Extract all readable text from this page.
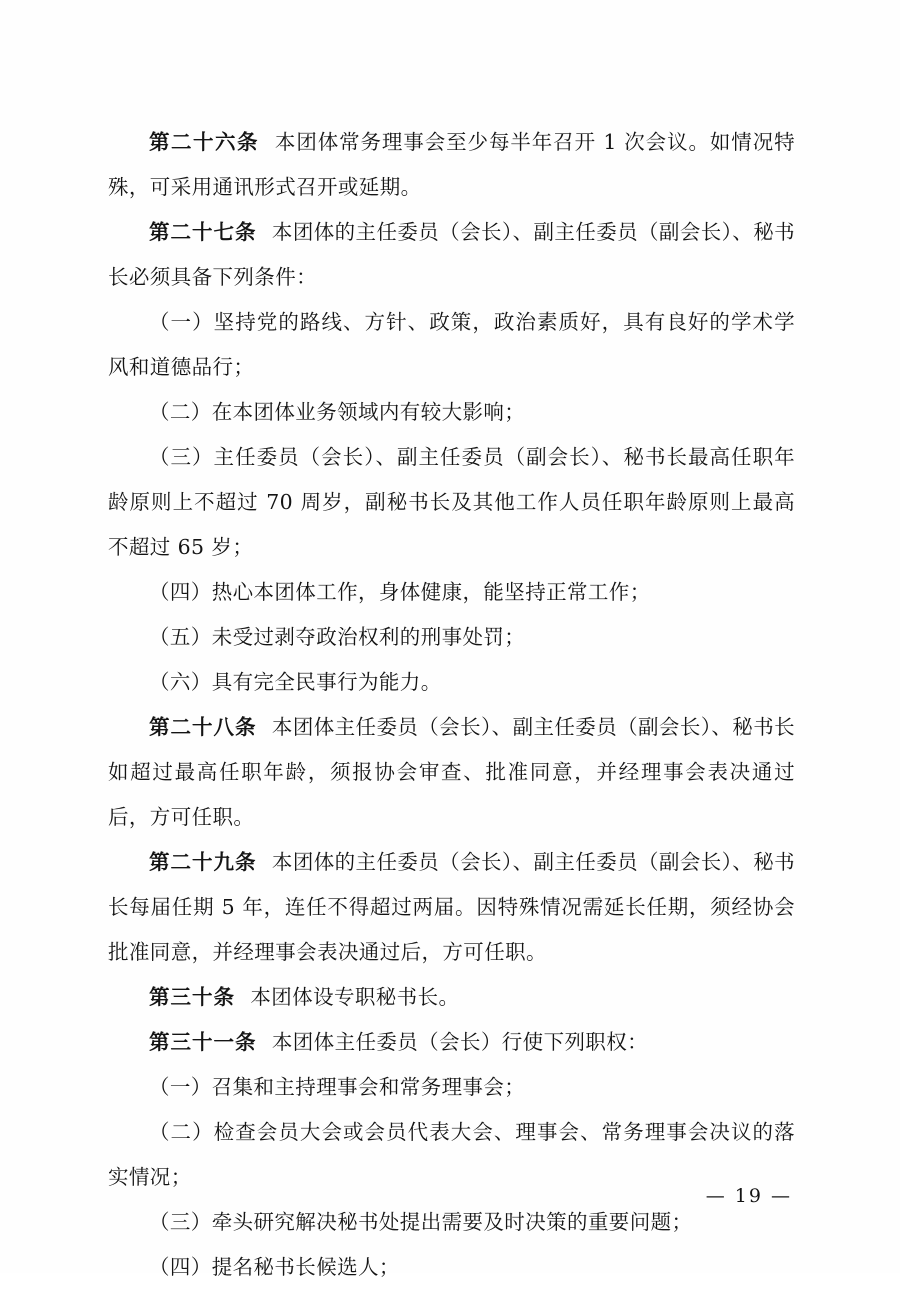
第二十六条 本团体常务理事会至少每半年召开 1 次会议。如情况特殊，可采用通讯形式召开或延期。

第二十七条 本团体的主任委员（会长）、副主任委员（副会长）、秘书长必须具备下列条件：

（一）坚持党的路线、方针、政策，政治素质好，具有良好的学术学风和道德品行；

（二）在本团体业务领域内有较大影响；

（三）主任委员（会长）、副主任委员（副会长）、秘书长最高任职年龄原则上不超过 70 周岁，副秘书长及其他工作人员任职年龄原则上最高不超过 65 岁；

（四）热心本团体工作，身体健康，能坚持正常工作；

（五）未受过剥夺政治权利的刑事处罚；

（六）具有完全民事行为能力。

第二十八条 本团体主任委员（会长）、副主任委员（副会长）、秘书长如超过最高任职年龄，须报协会审查、批准同意，并经理事会表决通过后，方可任职。

第二十九条 本团体的主任委员（会长）、副主任委员（副会长）、秘书长每届任期 5 年，连任不得超过两届。因特殊情况需延长任期，须经协会批准同意，并经理事会表决通过后，方可任职。

第三十条 本团体设专职秘书长。

第三十一条 本团体主任委员（会长）行使下列职权：

（一）召集和主持理事会和常务理事会；

（二）检查会员大会或会员代表大会、理事会、常务理事会决议的落实情况；

（三）牵头研究解决秘书处提出需要及时决策的重要问题；

（四）提名秘书长候选人；

— 19 —
